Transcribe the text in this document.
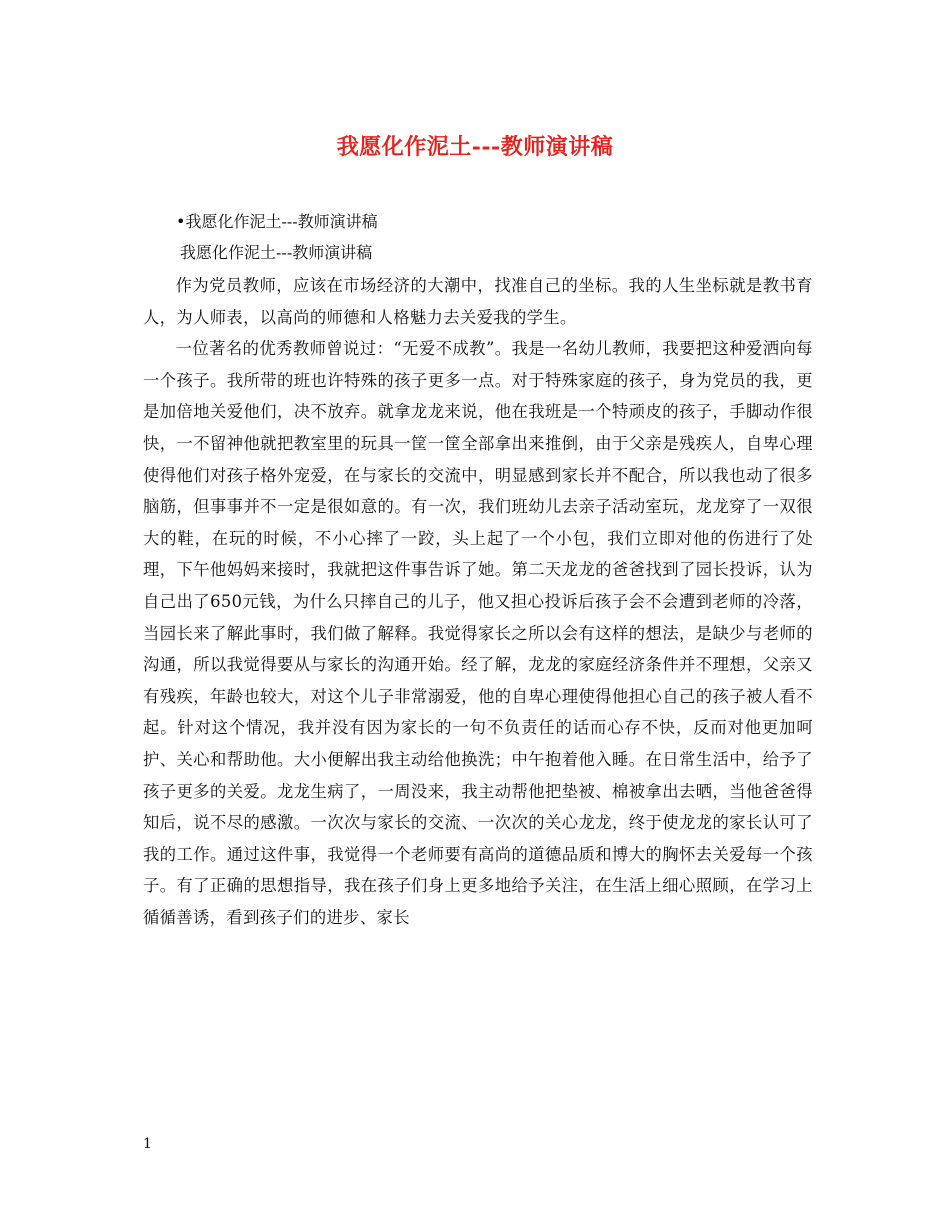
我愿化作泥土---教师演讲稿

•我愿化作泥土---教师演讲稿

我愿化作泥土---教师演讲稿

作为党员教师，应该在市场经济的大潮中，找准自己的坐标。我的人生坐标就是教书育人，为人师表，以高尚的师德和人格魅力去关爱我的学生。

一位著名的优秀教师曾说过：“无爱不成教”。我是一名幼儿教师，我要把这种爱洒向每一个孩子。我所带的班也许特殊的孩子更多一点。对于特殊家庭的孩子，身为党员的我，更是加倍地关爱他们，决不放弃。就拿龙龙来说，他在我班是一个特顽皮的孩子，手脚动作很快，一不留神他就把教室里的玩具一筐一筐全部拿出来推倒，由于父亲是残疾人，自卑心理使得他们对孩子格外宠爱，在与家长的交流中，明显感到家长并不配合，所以我也动了很多脑筋，但事事并不一定是很如意的。有一次，我们班幼儿去亲子活动室玩，龙龙穿了一双很大的鞋，在玩的时候，不小心摔了一跤，头上起了一个小包，我们立即对他的伤进行了处理，下午他妈妈来接时，我就把这件事告诉了她。第二天龙龙的爸爸找到了园长投诉，认为自己出了650元钱，为什么只摔自己的儿子，他又担心投诉后孩子会不会遭到老师的冷落，当园长来了解此事时，我们做了解释。我觉得家长之所以会有这样的想法，是缺少与老师的沟通，所以我觉得要从与家长的沟通开始。经了解，龙龙的家庭经济条件并不理想，父亲又有残疾，年龄也较大，对这个儿子非常溺爱，他的自卑心理使得他担心自己的孩子被人看不起。针对这个情况，我并没有因为家长的一句不负责任的话而心存不快，反而对他更加呵护、关心和帮助他。大小便解出我主动给他换洗；中午抱着他入睡。在日常生活中，给予了孩子更多的关爱。龙龙生病了，一周没来，我主动帮他把垫被、棉被拿出去晒，当他爸爸得知后，说不尽的感激。一次次与家长的交流、一次次的关心龙龙，终于使龙龙的家长认可了我的工作。通过这件事，我觉得一个老师要有高尚的道德品质和博大的胸怀去关爱每一个孩子。有了正确的思想指导，我在孩子们身上更多地给予关注，在生活上细心照顾，在学习上循循善诱，看到孩子们的进步、家长

1
